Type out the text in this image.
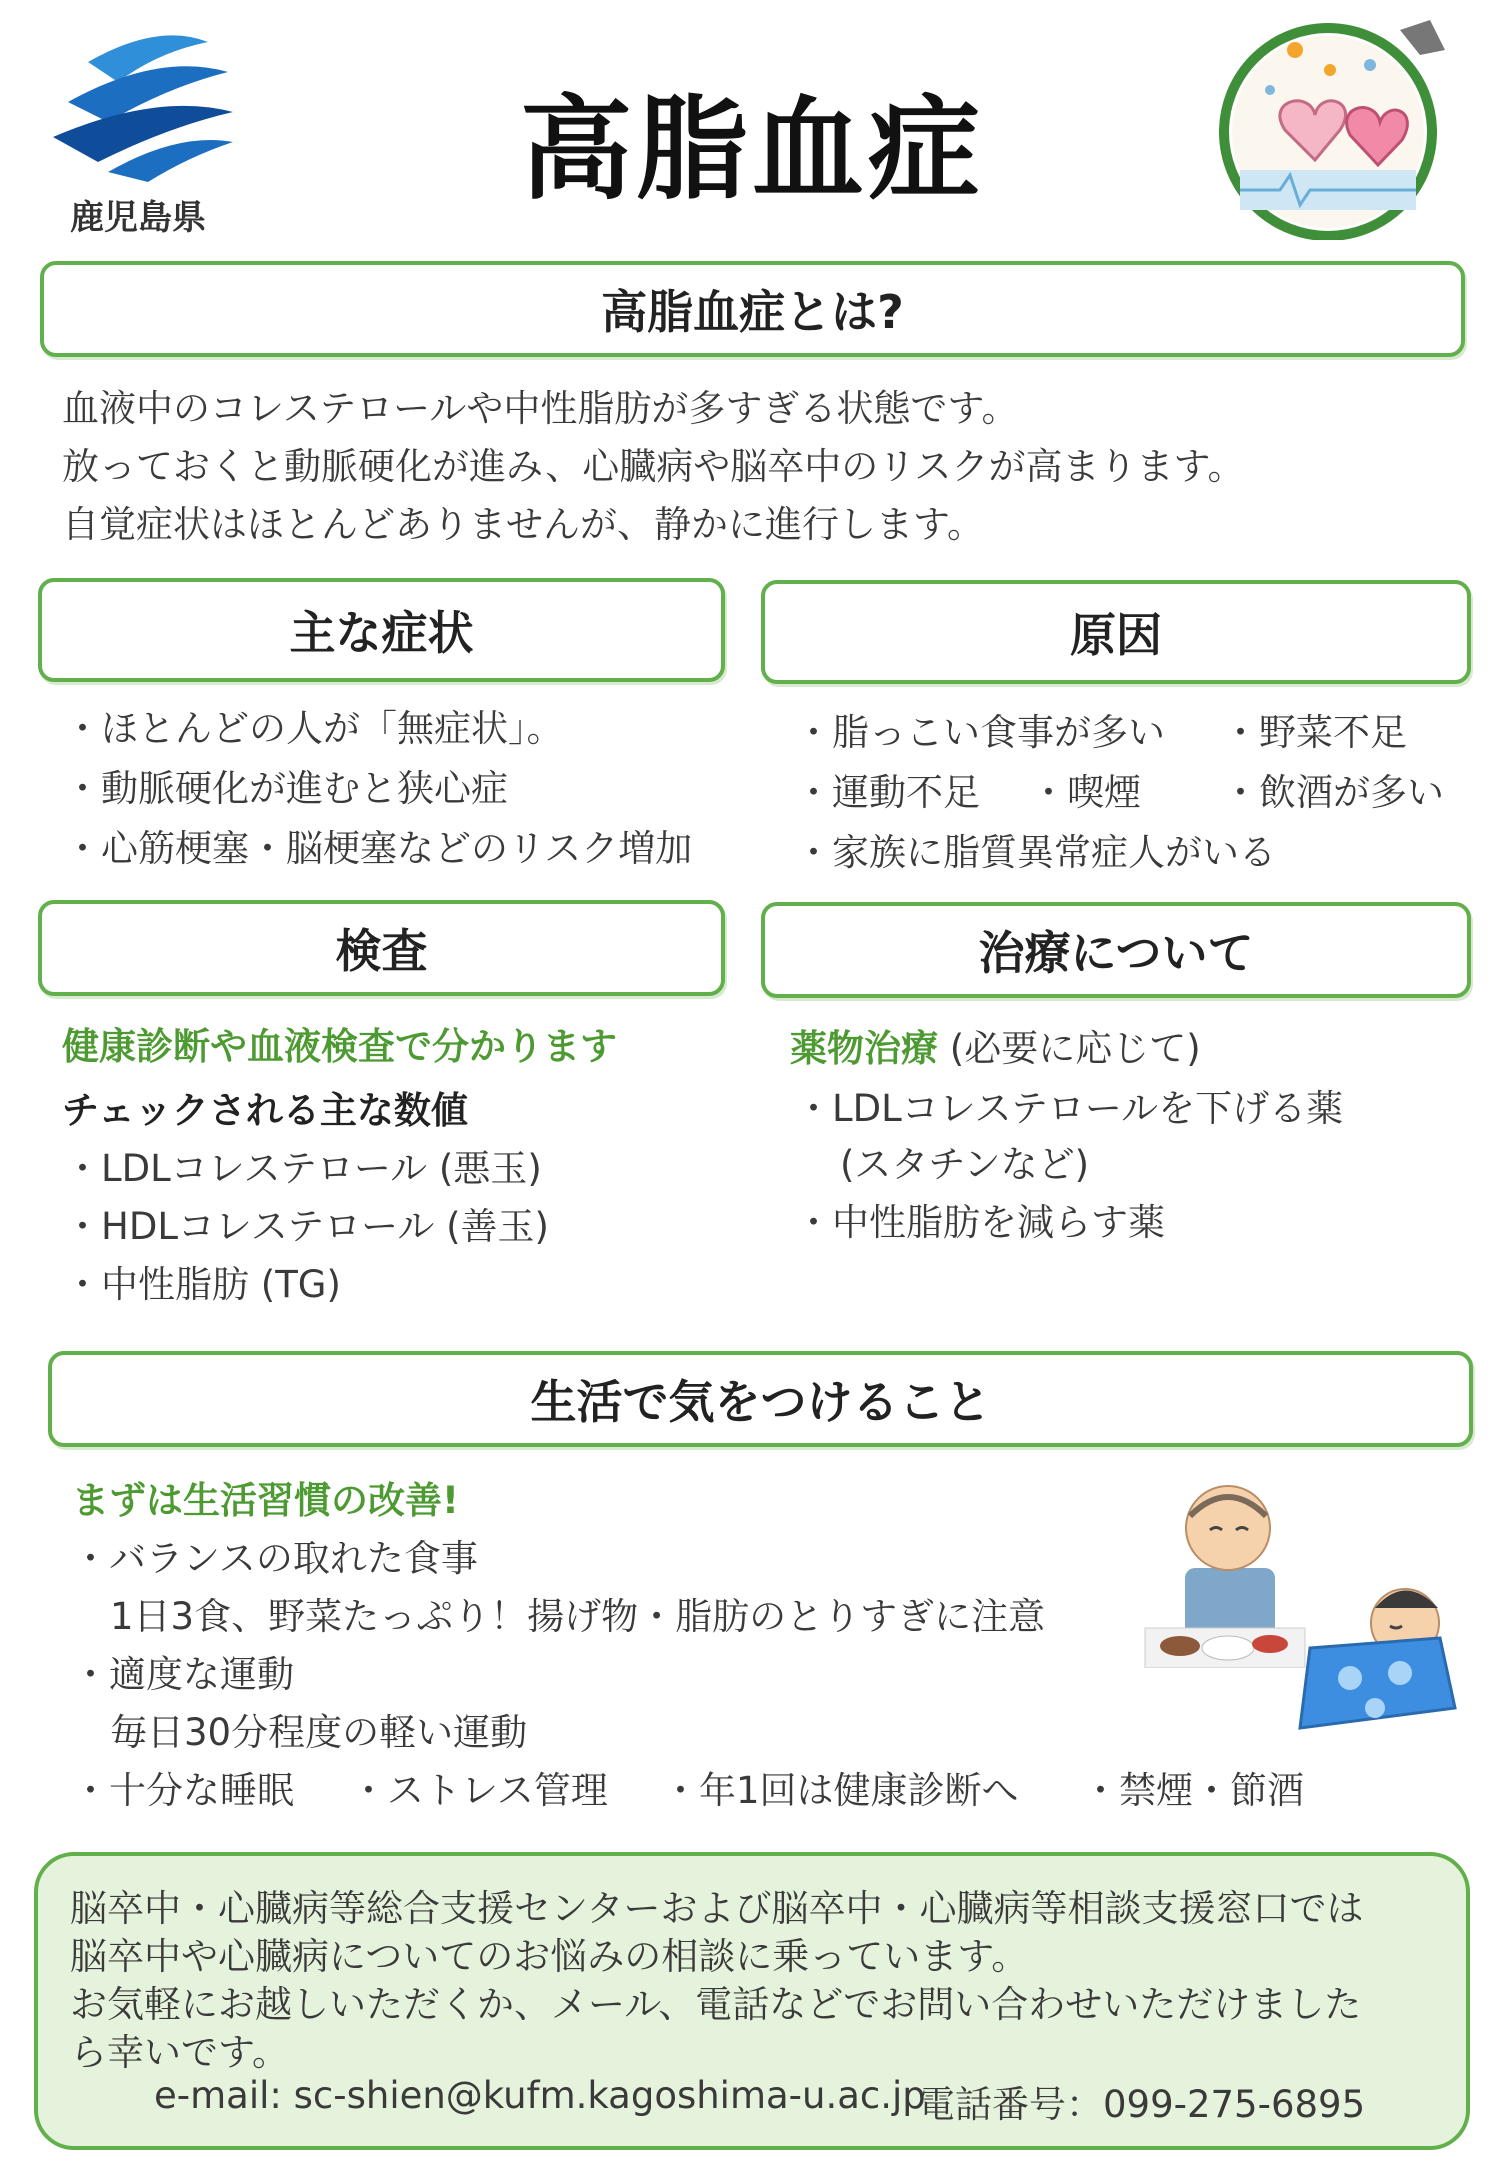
鹿児島県
高脂血症
高脂血症とは?
血液中のコレステロールや中性脂肪が多すぎる状態です。
放っておくと動脈硬化が進み、心臓病や脳卒中のリスクが高まります。
自覚症状はほとんどありませんが、静かに進行します。
主な症状
・ほとんどの人が「無症状」。
・動脈硬化が進むと狭心症
・心筋梗塞・脳梗塞などのリスク増加
原因
・脂っこい食事が多い ・野菜不足
・運動不足 ・喫煙 ・飲酒が多い
・家族に脂質異常症人がいる
検査
健康診断や血液検査で分かります
チェックされる主な数値
・LDLコレステロール (悪玉)
・HDLコレステロール (善玉)
・中性脂肪 (TG)
治療について
薬物治療 (必要に応じて)
・LDLコレステロールを下げる薬
(スタチンなど)
・中性脂肪を減らす薬
生活で気をつけること
まずは生活習慣の改善!
・バランスの取れた食事
1日3食、野菜たっぷり！揚げ物・脂肪のとりすぎに注意
・適度な運動
毎日30分程度の軽い運動
・十分な睡眠 ・ストレス管理 ・年1回は健康診断へ ・禁煙・節酒
脳卒中・心臓病等総合支援センターおよび脳卒中・心臓病等相談支援窓口では
脳卒中や心臓病についてのお悩みの相談に乗っています。
お気軽にお越しいただくか、メール、電話などでお問い合わせいただけました
ら幸いです。
e-mail: sc-shien@kufm.kagoshima-u.ac.jp
電話番号：099-275-6895
